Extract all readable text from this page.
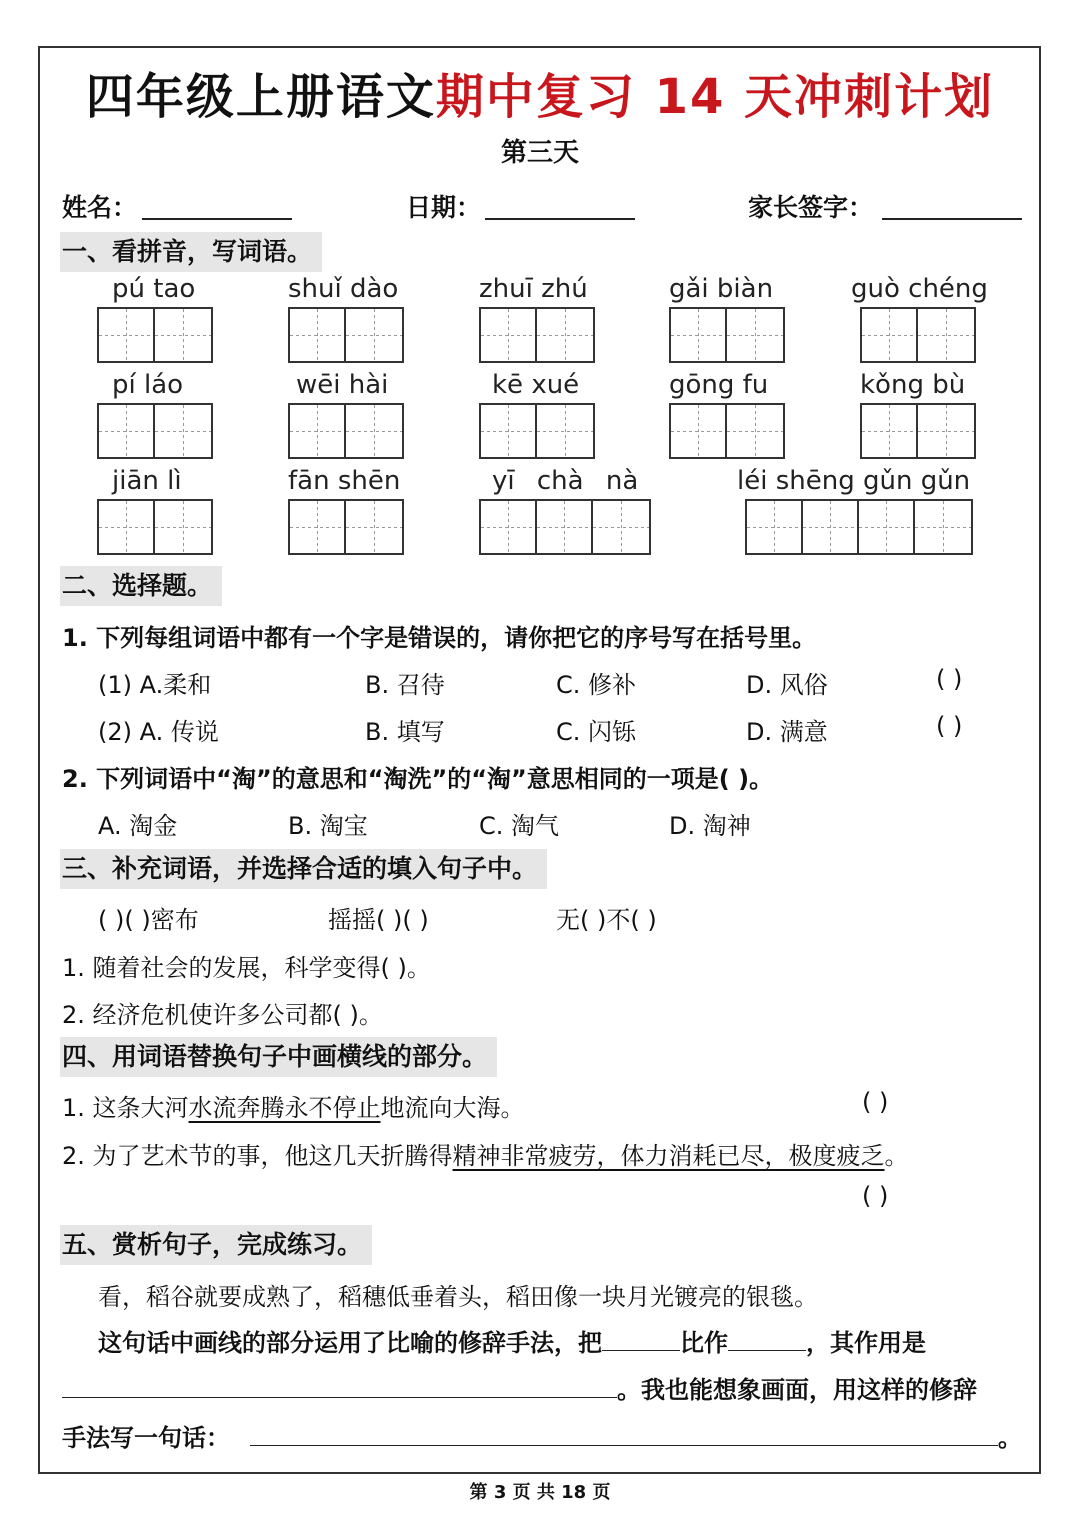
四年级上册语文期中复习 14 天冲刺计划
第三天
姓名：	日期：	家长签字：
一、看拼音，写词语。
pú tao	shuǐ dào	zhuī zhú	gǎi biàn	guò chéng
pí láo	wēi hài	kē xué	gōng fu	kǒng bù
jiān lì	fān shēn	yī chà nà	léi shēng gǔn gǔn
二、选择题。
1. 下列每组词语中都有一个字是错误的，请你把它的序号写在括号里。
(1) A.柔和	B. 召待	C. 修补	D. 风俗	( )
(2) A. 传说	B. 填写	C. 闪铄	D. 满意	( )
2. 下列词语中“淘”的意思和“淘洗”的“淘”意思相同的一项是( )。
A. 淘金	B. 淘宝	C. 淘气	D. 淘神
三、补充词语，并选择合适的填入句子中。
( )( )密布	摇摇( )( )	无( )不( )
1. 随着社会的发展，科学变得( )。
2. 经济危机使许多公司都( )。
四、用词语替换句子中画横线的部分。
1. 这条大河水流奔腾永不停止地流向大海。	( )
2. 为了艺术节的事，他这几天折腾得精神非常疲劳，体力消耗已尽，极度疲乏。
( )
五、赏析句子，完成练习。
看，稻谷就要成熟了，稻穗低垂着头，稻田像一块月光镀亮的银毯。
这句话中画线的部分运用了比喻的修辞手法，把	比作	，其作用是
。我也能想象画面，用这样的修辞
手法写一句话：	。
第 3 页 共 18 页
